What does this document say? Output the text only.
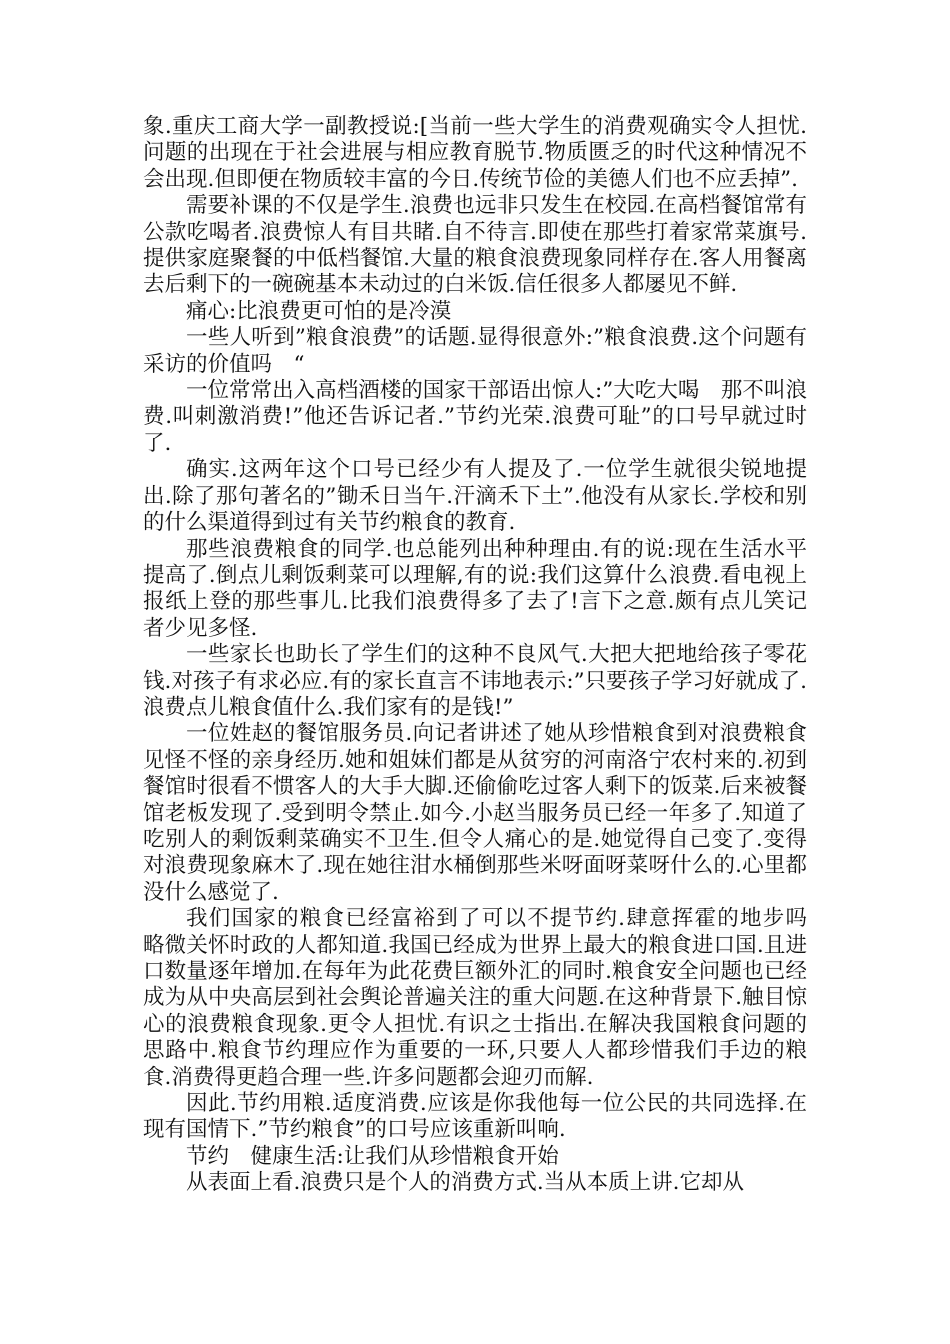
象.重庆工商大学一副教授说:[当前一些大学生的消费观确实令人担忧.问题的出现在于社会进展与相应教育脱节.物质匮乏的时代这种情况不会出现.但即便在物质较丰富的今日.传统节俭的美德人们也不应丢掉”.

需要补课的不仅是学生.浪费也远非只发生在校园.在高档餐馆常有公款吃喝者.浪费惊人有目共睹.自不待言.即使在那些打着家常菜旗号.提供家庭聚餐的中低档餐馆.大量的粮食浪费现象同样存在.客人用餐离去后剩下的一碗碗基本未动过的白米饭.信任很多人都屡见不鲜.

痛心:比浪费更可怕的是冷漠

一些人听到”粮食浪费”的话题.显得很意外:”粮食浪费.这个问题有采访的价值吗　“

一位常常出入高档酒楼的国家干部语出惊人:”大吃大喝　那不叫浪费.叫刺激消费!”他还告诉记者.”节约光荣.浪费可耻”的口号早就过时了.

确实.这两年这个口号已经少有人提及了.一位学生就很尖锐地提出.除了那句著名的”锄禾日当午.汗滴禾下土”.他没有从家长.学校和别的什么渠道得到过有关节约粮食的教育.

那些浪费粮食的同学.也总能列出种种理由.有的说:现在生活水平提高了.倒点儿剩饭剩菜可以理解,有的说:我们这算什么浪费.看电视上报纸上登的那些事儿.比我们浪费得多了去了!言下之意.颇有点儿笑记者少见多怪.

一些家长也助长了学生们的这种不良风气.大把大把地给孩子零花钱.对孩子有求必应.有的家长直言不讳地表示:”只要孩子学习好就成了.浪费点儿粮食值什么.我们家有的是钱!”

一位姓赵的餐馆服务员.向记者讲述了她从珍惜粮食到对浪费粮食见怪不怪的亲身经历.她和姐妹们都是从贫穷的河南洛宁农村来的.初到餐馆时很看不惯客人的大手大脚.还偷偷吃过客人剩下的饭菜.后来被餐馆老板发现了.受到明令禁止.如今.小赵当服务员已经一年多了.知道了吃别人的剩饭剩菜确实不卫生.但令人痛心的是.她觉得自己变了.变得对浪费现象麻木了.现在她往泔水桶倒那些米呀面呀菜呀什么的.心里都没什么感觉了.

我们国家的粮食已经富裕到了可以不提节约.肆意挥霍的地步吗　略微关怀时政的人都知道.我国已经成为世界上最大的粮食进口国.且进口数量逐年增加.在每年为此花费巨额外汇的同时.粮食安全问题也已经成为从中央高层到社会舆论普遍关注的重大问题.在这种背景下.触目惊心的浪费粮食现象.更令人担忧.有识之士指出.在解决我国粮食问题的思路中.粮食节约理应作为重要的一环,只要人人都珍惜我们手边的粮食.消费得更趋合理一些.许多问题都会迎刃而解.

因此.节约用粮.适度消费.应该是你我他每一位公民的共同选择.在现有国情下.”节约粮食”的口号应该重新叫响.

节约　健康生活:让我们从珍惜粮食开始

从表面上看.浪费只是个人的消费方式.当从本质上讲.它却从
